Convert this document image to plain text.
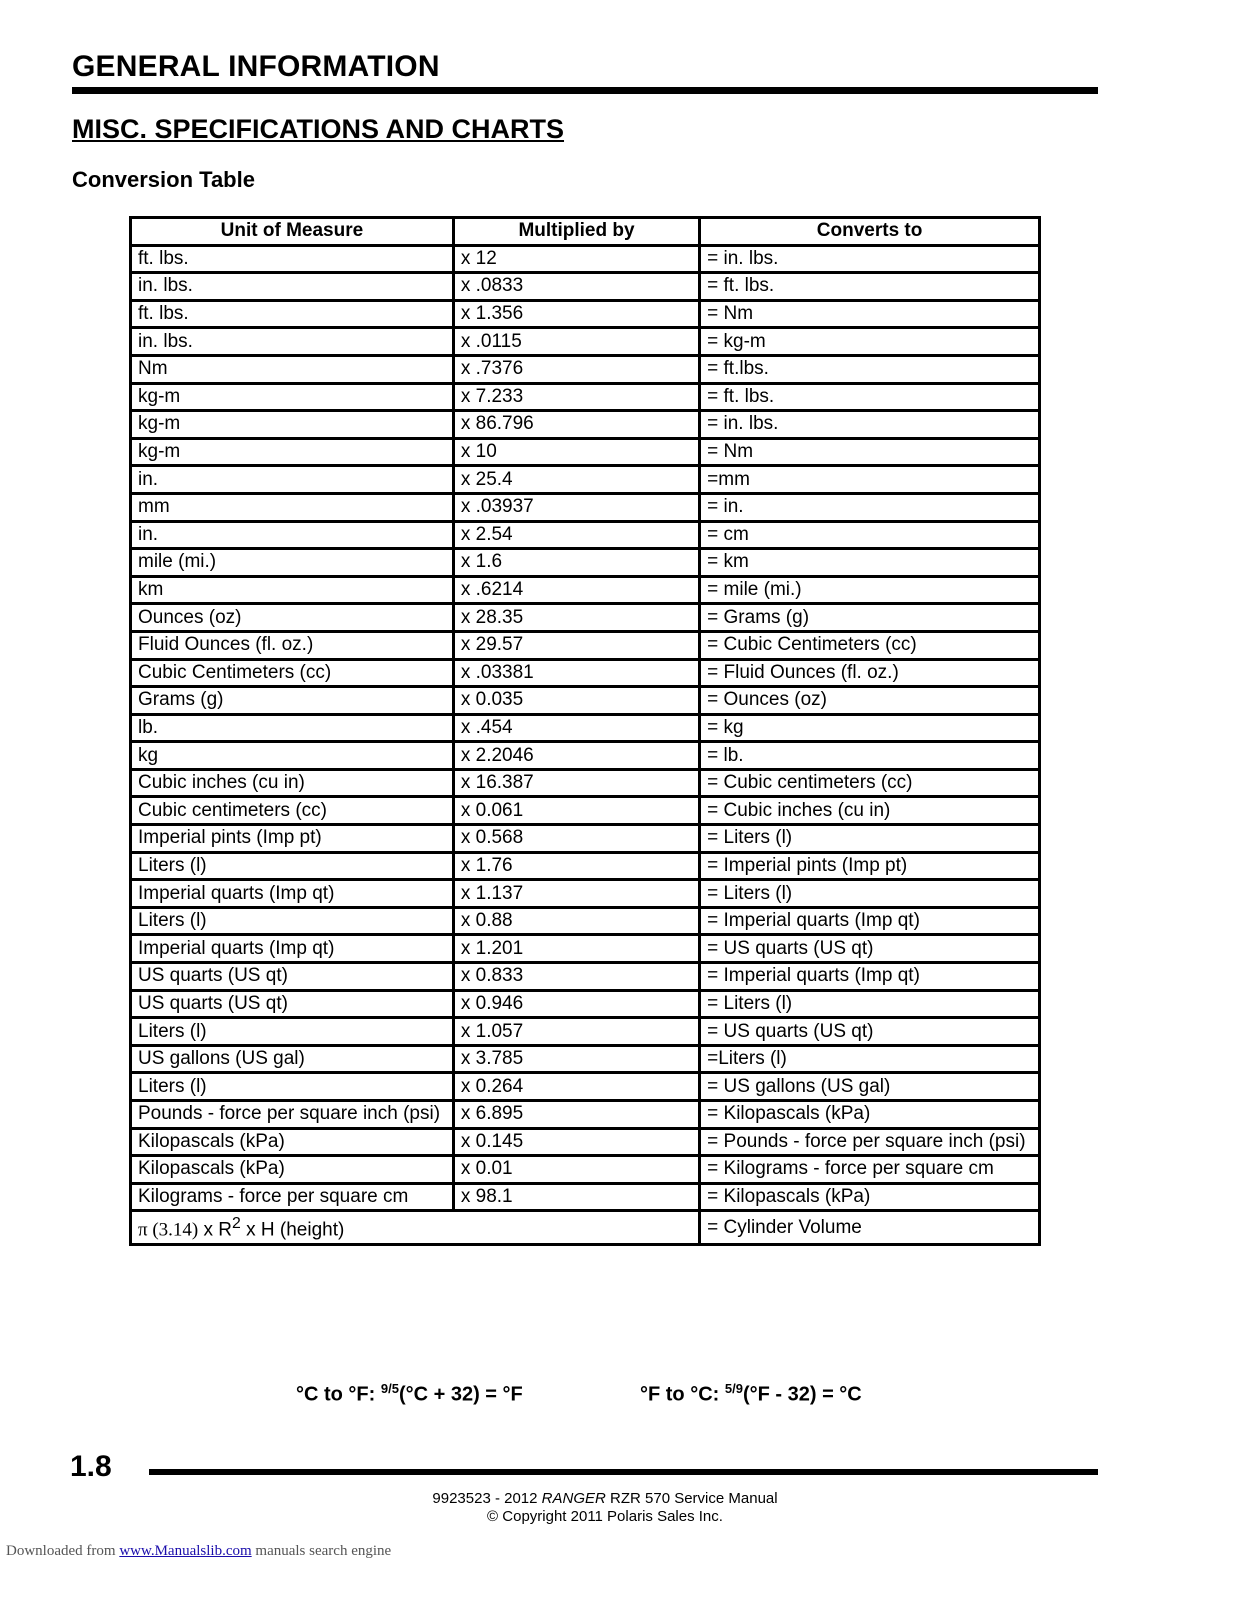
GENERAL INFORMATION
MISC. SPECIFICATIONS AND CHARTS
Conversion Table
Unit of Measure	Multiplied by	Converts to
ft. lbs.	x 12	= in. lbs.
in. lbs.	x .0833	= ft. lbs.
ft. lbs.	x 1.356	= Nm
in. lbs.	x .0115	= kg-m
Nm	x .7376	= ft.lbs.
kg-m	x 7.233	= ft. lbs.
kg-m	x 86.796	= in. lbs.
kg-m	x 10	= Nm
in.	x 25.4	=mm
mm	x .03937	= in.
in.	x 2.54	= cm
mile (mi.)	x 1.6	= km
km	x .6214	= mile (mi.)
Ounces (oz)	x 28.35	= Grams (g)
Fluid Ounces (fl. oz.)	x 29.57	= Cubic Centimeters (cc)
Cubic Centimeters (cc)	x .03381	= Fluid Ounces (fl. oz.)
Grams (g)	x 0.035	= Ounces (oz)
lb.	x .454	= kg
kg	x 2.2046	= lb.
Cubic inches (cu in)	x 16.387	= Cubic centimeters (cc)
Cubic centimeters (cc)	x 0.061	= Cubic inches (cu in)
Imperial pints (Imp pt)	x 0.568	= Liters (l)
Liters (l)	x 1.76	= Imperial pints (Imp pt)
Imperial quarts (Imp qt)	x 1.137	= Liters (l)
Liters (l)	x 0.88	= Imperial quarts (Imp qt)
Imperial quarts (Imp qt)	x 1.201	= US quarts (US qt)
US quarts (US qt)	x 0.833	= Imperial quarts (Imp qt)
US quarts (US qt)	x 0.946	= Liters (l)
Liters (l)	x 1.057	= US quarts (US qt)
US gallons (US gal)	x 3.785	=Liters (l)
Liters (l)	x 0.264	= US gallons (US gal)
Pounds - force per square inch (psi)	x 6.895	= Kilopascals (kPa)
Kilopascals (kPa)	x 0.145	= Pounds - force per square inch (psi)
Kilopascals (kPa)	x 0.01	= Kilograms - force per square cm
Kilograms - force per square cm	x 98.1	= Kilopascals (kPa)
π (3.14) x $R^2$ x H (height)		= Cylinder Volume
°C to °F: $^{9/5}$(°C + 32) = °F	°F to °C: $^{5/9}$(°F - 32) = °C
1.8
9923523 - 2012 RANGER RZR 570 Service Manual
© Copyright 2011 Polaris Sales Inc.
Downloaded from www.Manualslib.com manuals search engine
